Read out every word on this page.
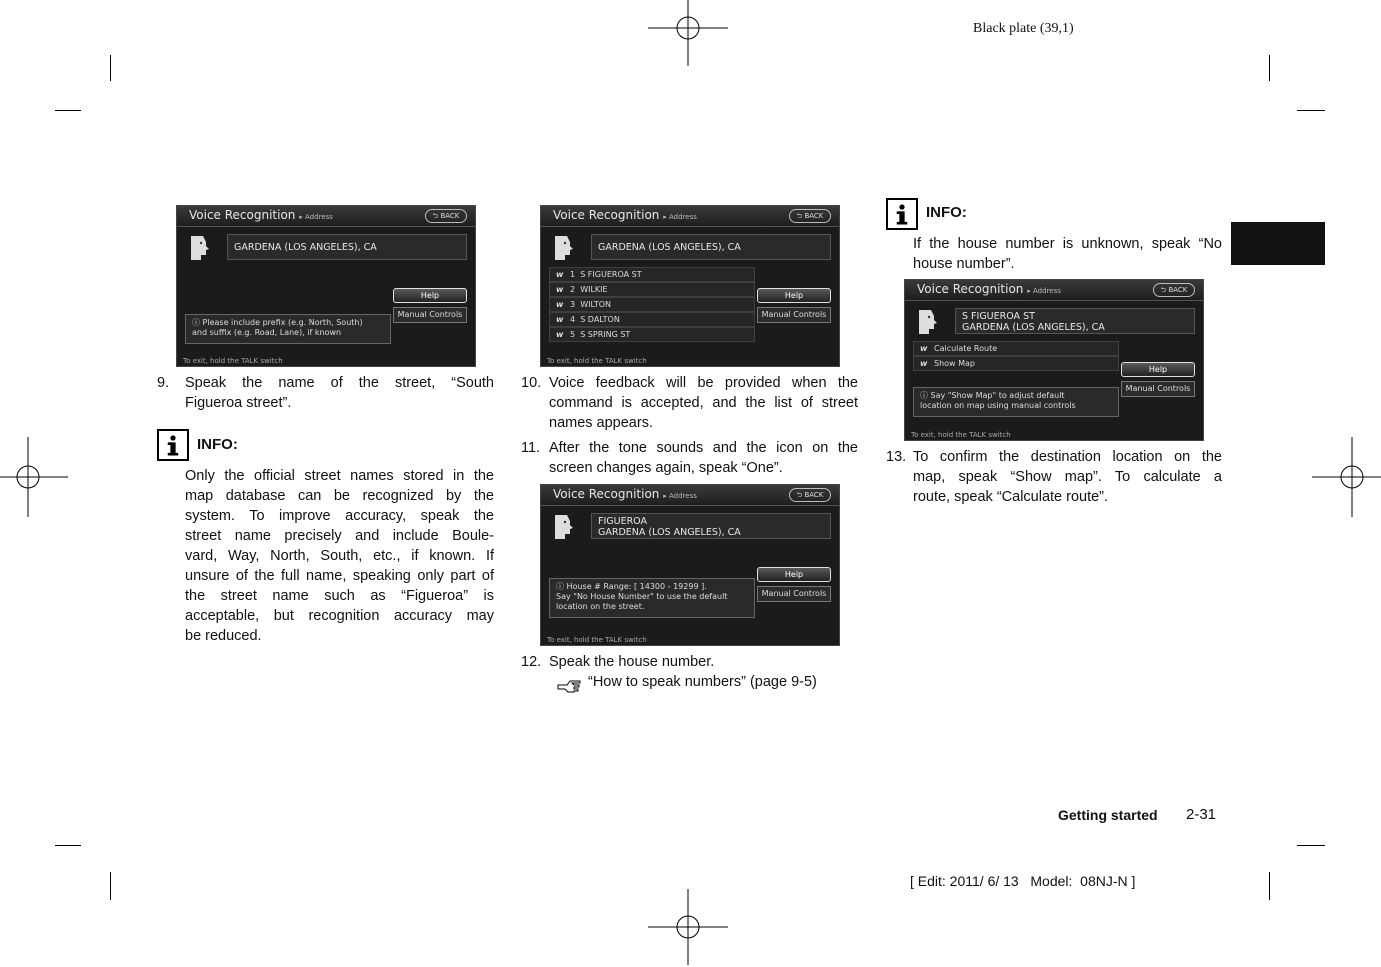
Black plate (39,1)
Voice Recognition ▸ Address	⮌ BACK
GARDENA (LOS ANGELES), CA
Help
Manual Controls
ⓘ Please include prefix (e.g. North, South)
and suffix (e.g. Road, Lane), if known
To exit, hold the TALK switch
Voice Recognition ▸ Address	⮌ BACK
GARDENA (LOS ANGELES), CA
ᴡ 1 S FIGUEROA ST
ᴡ 2 WILKIE
ᴡ 3 WILTON
ᴡ 4 S DALTON
ᴡ 5 S SPRING ST
Help
Manual Controls
To exit, hold the TALK switch
Voice Recognition ▸ Address	⮌ BACK
FIGUEROA
GARDENA (LOS ANGELES), CA
Help
Manual Controls
ⓘ House # Range: [ 14300 - 19299 ].
Say "No House Number" to use the default
location on the street.
To exit, hold the TALK switch
Voice Recognition ▸ Address	⮌ BACK
S FIGUEROA ST
GARDENA (LOS ANGELES), CA
ᴡ Calculate Route
ᴡ Show Map
Help
Manual Controls
ⓘ Say "Show Map" to adjust default
location on map using manual controls
To exit, hold the TALK switch
9. Speak the name of the street, “South
Figueroa street”.
INFO:
Only the official street names stored in the
map database can be recognized by the
system. To improve accuracy, speak the
street name precisely and include Boule-
vard, Way, North, South, etc., if known. If
unsure of the full name, speaking only part of
the street name such as “Figueroa” is
acceptable, but recognition accuracy may
be reduced.
10. Voice feedback will be provided when the
command is accepted, and the list of street
names appears.
11. After the tone sounds and the icon on the
screen changes again, speak “One”.
12. Speak the house number.
“How to speak numbers” (page 9-5)
INFO:
If the house number is unknown, speak “No
house number”.
13. To confirm the destination location on the
map, speak “Show map”. To calculate a
route, speak “Calculate route”.
Getting started 2-31
[ Edit: 2011/ 6/ 13   Model:  08NJ-N ]
